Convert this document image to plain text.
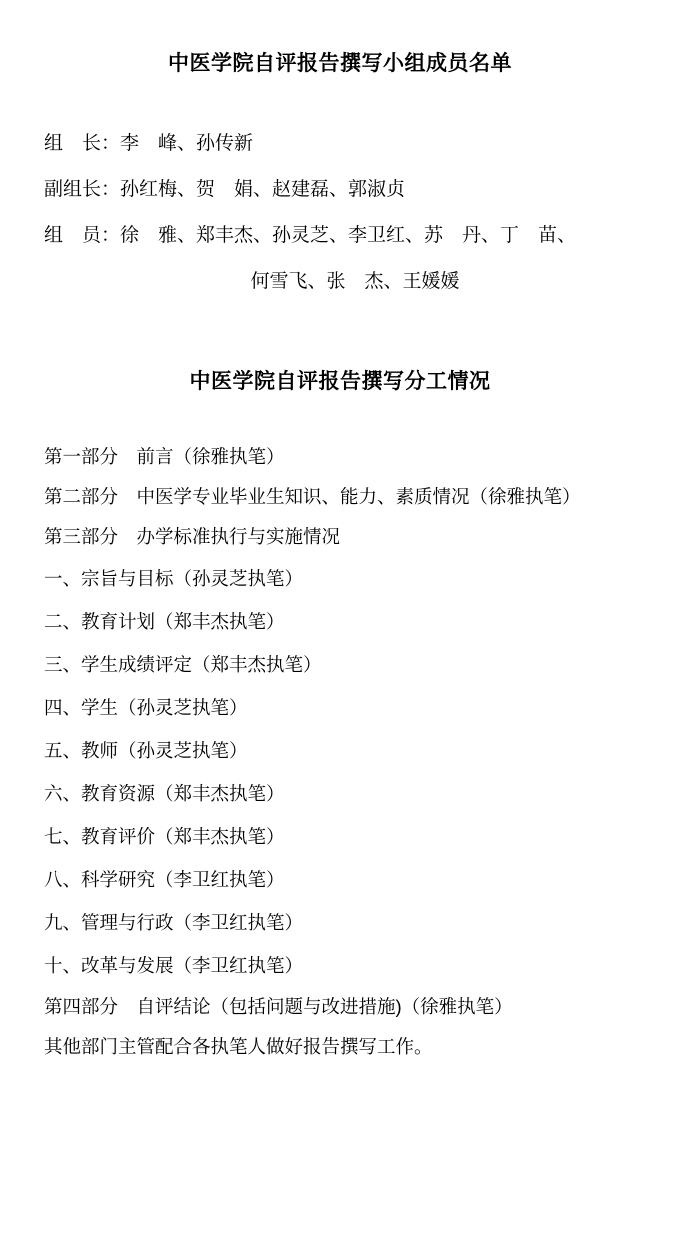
中医学院自评报告撰写小组成员名单
组　长：李　峰、孙传新
副组长：孙红梅、贺　娟、赵建磊、郭淑贞
组　员：徐　雅、郑丰杰、孙灵芝、李卫红、苏　丹、丁　苗、
何雪飞、张　杰、王媛媛
中医学院自评报告撰写分工情况
第一部分　前言（徐雅执笔）
第二部分　中医学专业毕业生知识、能力、素质情况（徐雅执笔）
第三部分　办学标准执行与实施情况
一、宗旨与目标（孙灵芝执笔）
二、教育计划（郑丰杰执笔）
三、学生成绩评定（郑丰杰执笔）
四、学生（孙灵芝执笔）
五、教师（孙灵芝执笔）
六、教育资源（郑丰杰执笔）
七、教育评价（郑丰杰执笔）
八、科学研究（李卫红执笔）
九、管理与行政（李卫红执笔）
十、改革与发展（李卫红执笔）
第四部分　自评结论（包括问题与改进措施)（徐雅执笔）
其他部门主管配合各执笔人做好报告撰写工作。
